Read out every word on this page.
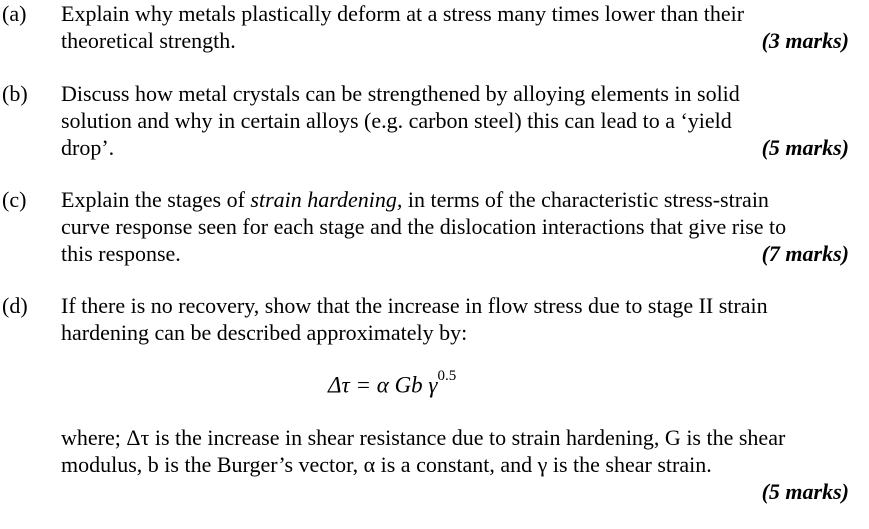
(a) Explain why metals plastically deform at a stress many times lower than their
theoretical strength.	(3 marks)
(b) Discuss how metal crystals can be strengthened by alloying elements in solid
solution and why in certain alloys (e.g. carbon steel) this can lead to a ‘yield
drop’.	(5 marks)
(c) Explain the stages of strain hardening, in terms of the characteristic stress-strain
curve response seen for each stage and the dislocation interactions that give rise to
this response.	(7 marks)
(d) If there is no recovery, show that the increase in flow stress due to stage II strain
hardening can be described approximately by:
Δτ = α Gb $\gamma^{0.5}$
where; Δτ is the increase in shear resistance due to strain hardening, G is the shear
modulus, b is the Burger’s vector, α is a constant, and γ is the shear strain.
(5 marks)
